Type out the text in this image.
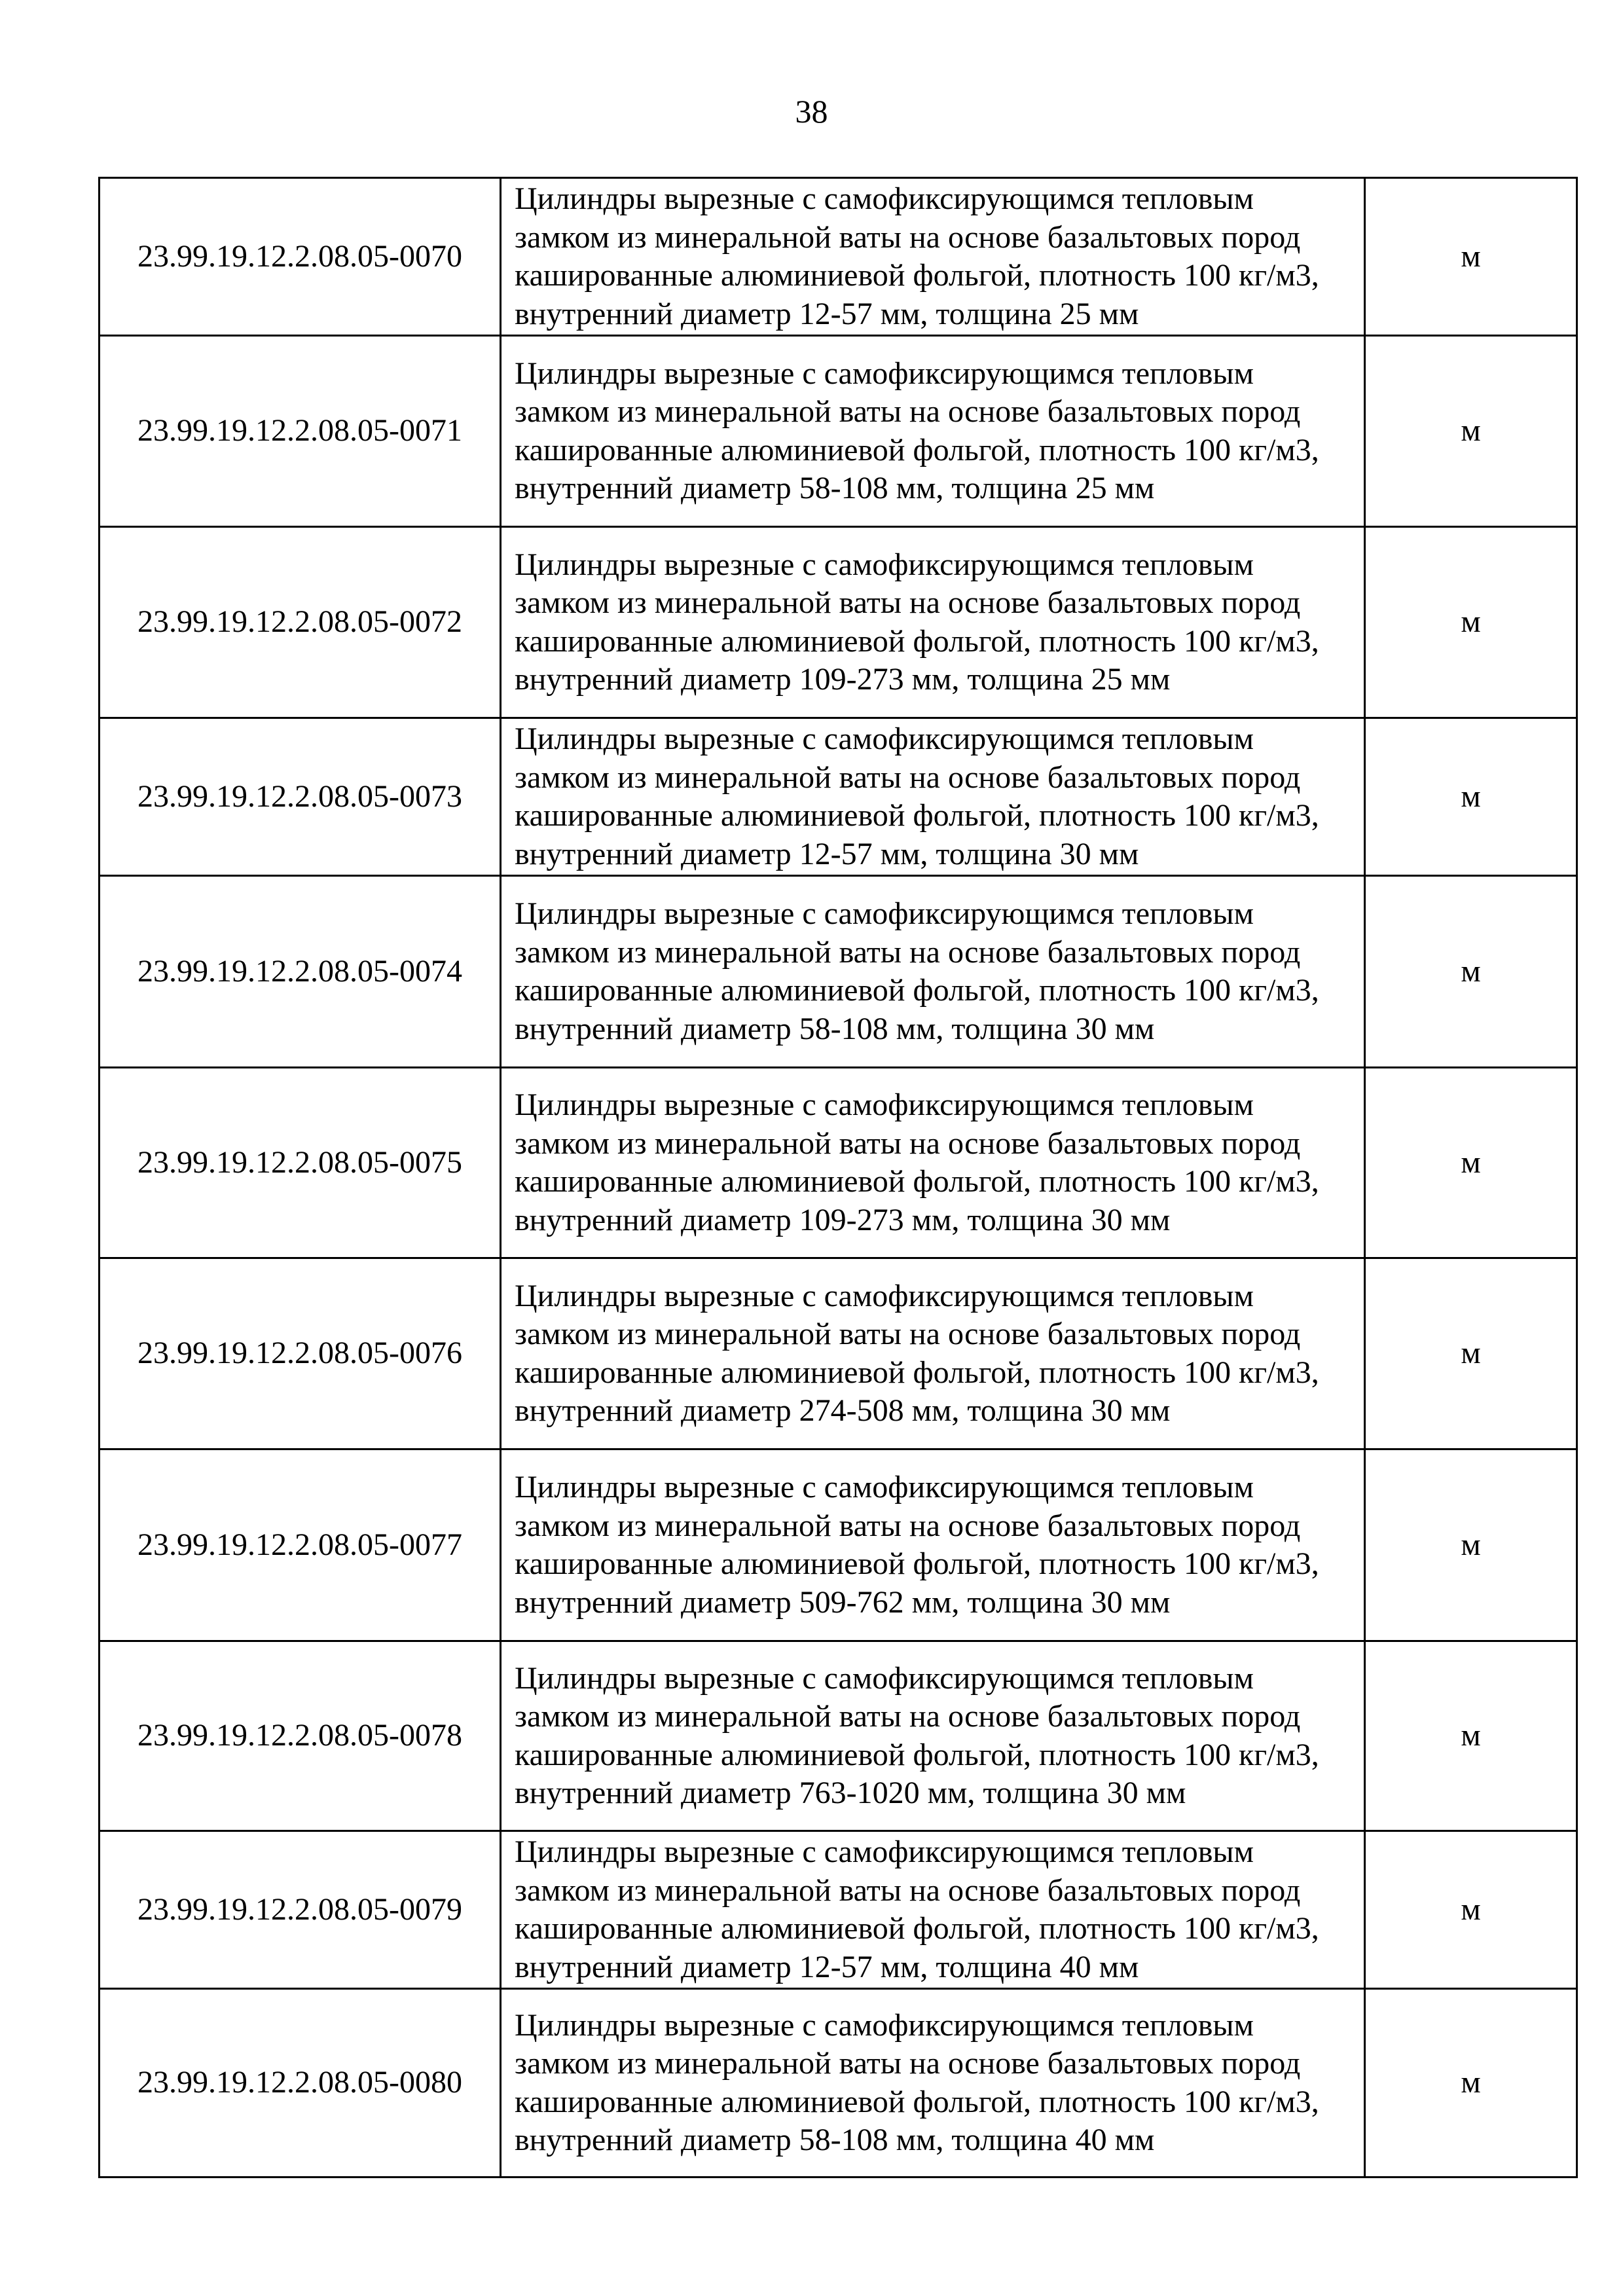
38
23.99.19.12.2.08.05-0070	Цилиндры вырезные с самофиксирующимся тепловым замком из минеральной ваты на основе базальтовых пород кашированные алюминиевой фольгой, плотность 100 кг/м3, внутренний диаметр 12-57 мм, толщина 25 мм	м
23.99.19.12.2.08.05-0071	Цилиндры вырезные с самофиксирующимся тепловым замком из минеральной ваты на основе базальтовых пород кашированные алюминиевой фольгой, плотность 100 кг/м3, внутренний диаметр 58-108 мм, толщина 25 мм	м
23.99.19.12.2.08.05-0072	Цилиндры вырезные с самофиксирующимся тепловым замком из минеральной ваты на основе базальтовых пород кашированные алюминиевой фольгой, плотность 100 кг/м3, внутренний диаметр 109-273 мм, толщина 25 мм	м
23.99.19.12.2.08.05-0073	Цилиндры вырезные с самофиксирующимся тепловым замком из минеральной ваты на основе базальтовых пород кашированные алюминиевой фольгой, плотность 100 кг/м3, внутренний диаметр 12-57 мм, толщина 30 мм	м
23.99.19.12.2.08.05-0074	Цилиндры вырезные с самофиксирующимся тепловым замком из минеральной ваты на основе базальтовых пород кашированные алюминиевой фольгой, плотность 100 кг/м3, внутренний диаметр 58-108 мм, толщина 30 мм	м
23.99.19.12.2.08.05-0075	Цилиндры вырезные с самофиксирующимся тепловым замком из минеральной ваты на основе базальтовых пород кашированные алюминиевой фольгой, плотность 100 кг/м3, внутренний диаметр 109-273 мм, толщина 30 мм	м
23.99.19.12.2.08.05-0076	Цилиндры вырезные с самофиксирующимся тепловым замком из минеральной ваты на основе базальтовых пород кашированные алюминиевой фольгой, плотность 100 кг/м3, внутренний диаметр 274-508 мм, толщина 30 мм	м
23.99.19.12.2.08.05-0077	Цилиндры вырезные с самофиксирующимся тепловым замком из минеральной ваты на основе базальтовых пород кашированные алюминиевой фольгой, плотность 100 кг/м3, внутренний диаметр 509-762 мм, толщина 30 мм	м
23.99.19.12.2.08.05-0078	Цилиндры вырезные с самофиксирующимся тепловым замком из минеральной ваты на основе базальтовых пород кашированные алюминиевой фольгой, плотность 100 кг/м3, внутренний диаметр 763-1020 мм, толщина 30 мм	м
23.99.19.12.2.08.05-0079	Цилиндры вырезные с самофиксирующимся тепловым замком из минеральной ваты на основе базальтовых пород кашированные алюминиевой фольгой, плотность 100 кг/м3, внутренний диаметр 12-57 мм, толщина 40 мм	м
23.99.19.12.2.08.05-0080	Цилиндры вырезные с самофиксирующимся тепловым замком из минеральной ваты на основе базальтовых пород кашированные алюминиевой фольгой, плотность 100 кг/м3, внутренний диаметр 58-108 мм, толщина 40 мм	м
